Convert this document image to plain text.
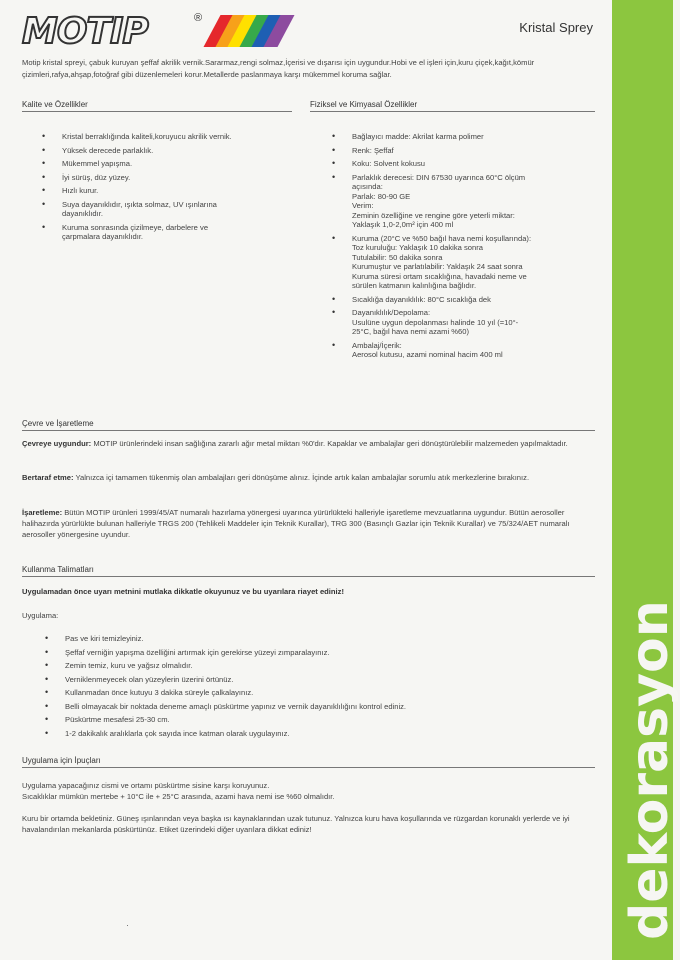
dekorasyon
MOTIP	®
Kristal Sprey

Motip kristal spreyi, çabuk kuruyan şeffaf akrilik vernik.Sararmaz,rengi solmaz,İçerisi ve dışarısı için uygundur.Hobi ve el işleri için,kuru çiçek,kağıt,kömür çizimleri,rafya,ahşap,fotoğraf gibi düzenlemeleri korur.Metallerde paslanmaya karşı mükemmel koruma sağlar.

Kalite ve Özellikler
• Kristal berraklığında kaliteli,koruyucu akrilik vernik.
• Yüksek derecede parlaklık.
• Mükemmel yapışma.
• İyi sürüş, düz yüzey.
• Hızlı kurur.
• Suya dayanıklıdır, ışıkta solmaz, UV ışınlarına
dayanıklıdır.
• Kuruma sonrasında çizilmeye, darbelere ve
çarpmalara dayanıklıdır.
Fiziksel ve Kimyasal Özellikler
• Bağlayıcı madde: Akrilat karma polimer
• Renk: Şeffaf
• Koku: Solvent kokusu
• Parlaklık derecesi: DIN 67530 uyarınca 60°C ölçüm
açısında:
Parlak: 80-90 GE
Verim:
Zeminin özelliğine ve rengine göre yeterli miktar:
Yaklaşık 1,0-2,0m² için 400 ml
• Kuruma (20°C ve %50 bağıl hava nemi koşullarında):
Toz kuruluğu: Yaklaşık 10 dakika sonra
Tutulabilir: 50 dakika sonra
Kurumuştur ve parlatılabilir: Yaklaşık 24 saat sonra
Kuruma süresi ortam sıcaklığına, havadaki neme ve
sürülen katmanın kalınlığına bağlıdır.
• Sıcaklığa dayanıklılık: 80°C sıcaklığa dek
• Dayanıklılık/Depolama:
Usulüne uygun depolanması halinde 10 yıl (=10°-
25°C, bağıl hava nemi azami %60)
• Ambalaj/İçerik:
Aerosol kutusu, azami nominal hacim 400 ml
Çevre ve İşaretleme

Çevreye uygundur: MOTIP ürünlerindeki insan sağlığına zararlı ağır metal miktarı %0'dır. Kapaklar ve ambalajlar geri dönüştürülebilir malzemeden yapılmaktadır.

Bertaraf etme: Yalnızca içi tamamen tükenmiş olan ambalajları geri dönüşüme alınız. İçinde artık kalan ambalajlar sorumlu atık merkezlerine bırakınız.

İşaretleme: Bütün MOTIP ürünleri 1999/45/AT numaralı hazırlama yönergesi uyarınca yürürlükteki halleriyle işaretleme mevzuatlarına uygundur. Bütün aerosoller halihazırda yürürlükte bulunan halleriyle TRGS 200 (Tehlikeli Maddeler için Teknik Kurallar), TRG 300 (Basınçlı Gazlar için Teknik Kurallar) ve 75/324/AET numaralı aerosoller yönergesine uyundur.

Kullanma Talimatları

Uygulamadan önce uyarı metnini mutlaka dikkatle okuyunuz ve bu uyarılara riayet ediniz!

Uygulama:

• Pas ve kiri temizleyiniz.
• Şeffaf verniğin yapışma özelliğini artırmak için gerekirse yüzeyi zımparalayınız.
• Zemin temiz, kuru ve yağsız olmalıdır.
• Verniklenmeyecek olan yüzeylerin üzerini örtünüz.
• Kullanmadan önce kutuyu 3 dakika süreyle çalkalayınız.
• Belli olmayacak bir noktada deneme amaçlı püskürtme yapınız ve vernik dayanıklılığını kontrol ediniz.
• Püskürtme mesafesi 25-30 cm.
• 1-2 dakikalık aralıklarla çok sayıda ince katman olarak uygulayınız.
Uygulama için İpuçları

Uygulama yapacağınız cismi ve ortamı püskürtme sisine karşı koruyunuz.

Sıcaklıklar mümkün mertebe + 10°C ile + 25°C arasında, azami hava nemi ise %60 olmalıdır.

Kuru bir ortamda bekletiniz. Güneş ışınlarından veya başka ısı kaynaklarından uzak tutunuz. Yalnızca kuru hava koşullarında ve rüzgardan korunaklı yerlerde ve iyi havalandırılan mekanlarda püskürtünüz. Etiket üzerindeki diğer uyarılara dikkat ediniz!

·
